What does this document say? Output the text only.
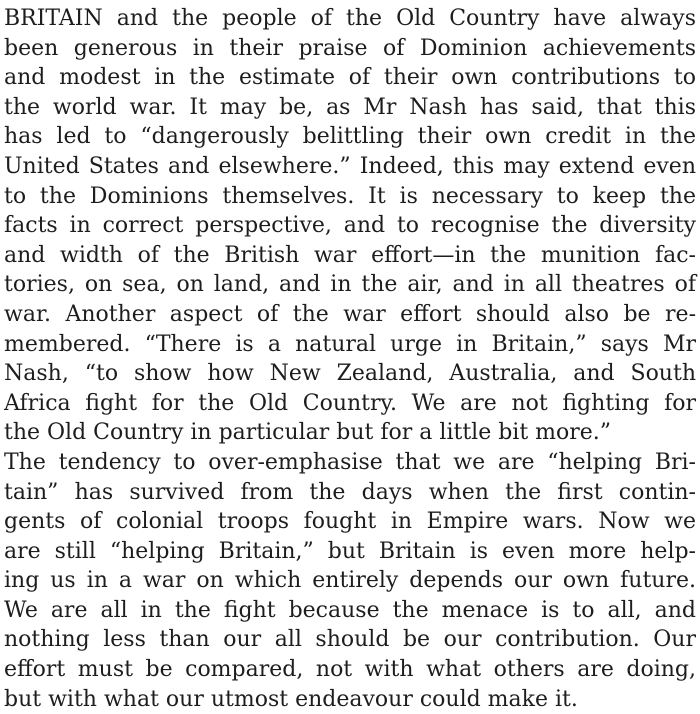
BRITAIN and the people of the Old Country have always
been generous in their praise of Dominion achievements
and modest in the estimate of their own contributions to
the world war. It may be, as Mr Nash has said, that this
has led to “dangerously belittling their own credit in the
United States and elsewhere.” Indeed, this may extend even
to the Dominions themselves. It is necessary to keep the
facts in correct perspective, and to recognise the diversity
and width of the British war effort—in the munition fac-
tories, on sea, on land, and in the air, and in all theatres of
war. Another aspect of the war effort should also be re-
membered. “There is a natural urge in Britain,” says Mr
Nash, “to show how New Zealand, Australia, and South
Africa fight for the Old Country. We are not fighting for
the Old Country in particular but for a little bit more.”
The tendency to over-emphasise that we are “helping Bri-
tain” has survived from the days when the first contin-
gents of colonial troops fought in Empire wars. Now we
are still “helping Britain,” but Britain is even more help-
ing us in a war on which entirely depends our own future.
We are all in the fight because the menace is to all, and
nothing less than our all should be our contribution. Our
effort must be compared, not with what others are doing,
but with what our utmost endeavour could make it.
